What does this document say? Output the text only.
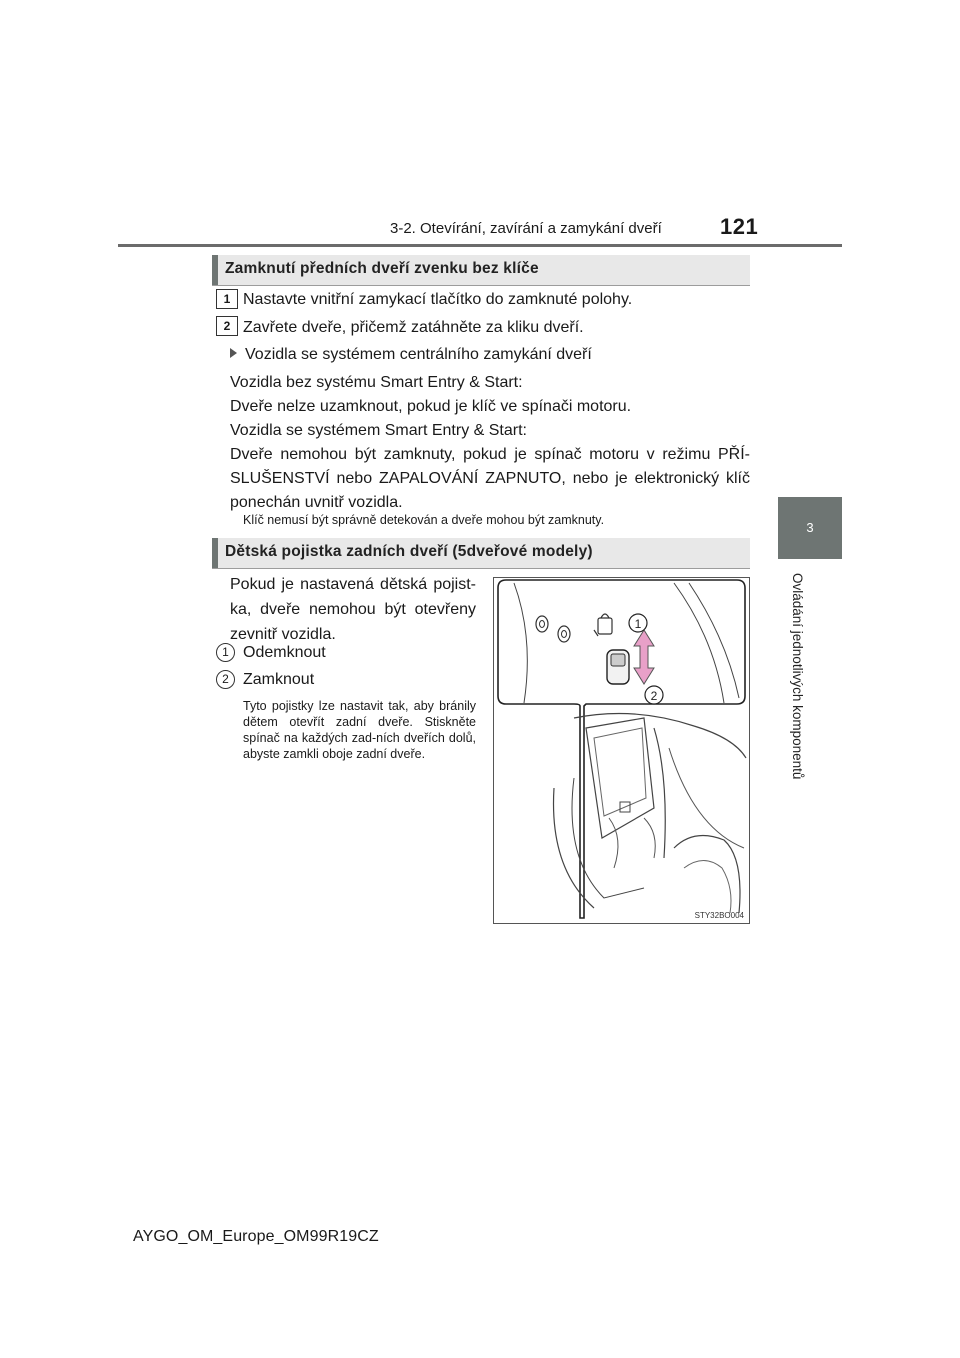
3-2. Otevírání, zavírání a zamykání dveří	121
3
Ovládání jednotlivých komponentů
Zamknutí předních dveří zvenku bez klíče
1 Nastavte vnitřní zamykací tlačítko do zamknuté polohy.
2 Zavřete dveře, přičemž zatáhněte za kliku dveří.
Vozidla se systémem centrálního zamykání dveří
Vozidla bez systému Smart Entry & Start:
Dveře nelze uzamknout, pokud je klíč ve spínači motoru.
Vozidla se systémem Smart Entry & Start:
Dveře nemohou být zamknuty, pokud je spínač motoru v režimu PŘÍ-SLUŠENSTVÍ nebo ZAPALOVÁNÍ ZAPNUTO, nebo je elektronický klíč ponechán uvnitř vozidla.
Klíč nemusí být správně detekován a dveře mohou být zamknuty.
Dětská pojistka zadních dveří (5dveřové modely)
Pokud je nastavená dětská pojist-ka, dveře nemohou být otevřeny zevnitř vozidla.
1 Odemknout
2 Zamknout
Tyto pojistky lze nastavit tak, aby bránily dětem otevřít zadní dveře. Stiskněte spínač na každých zad-ních dveřích dolů, abyste zamkli oboje zadní dveře.
1
2
STY32BO004
AYGO_OM_Europe_OM99R19CZ
